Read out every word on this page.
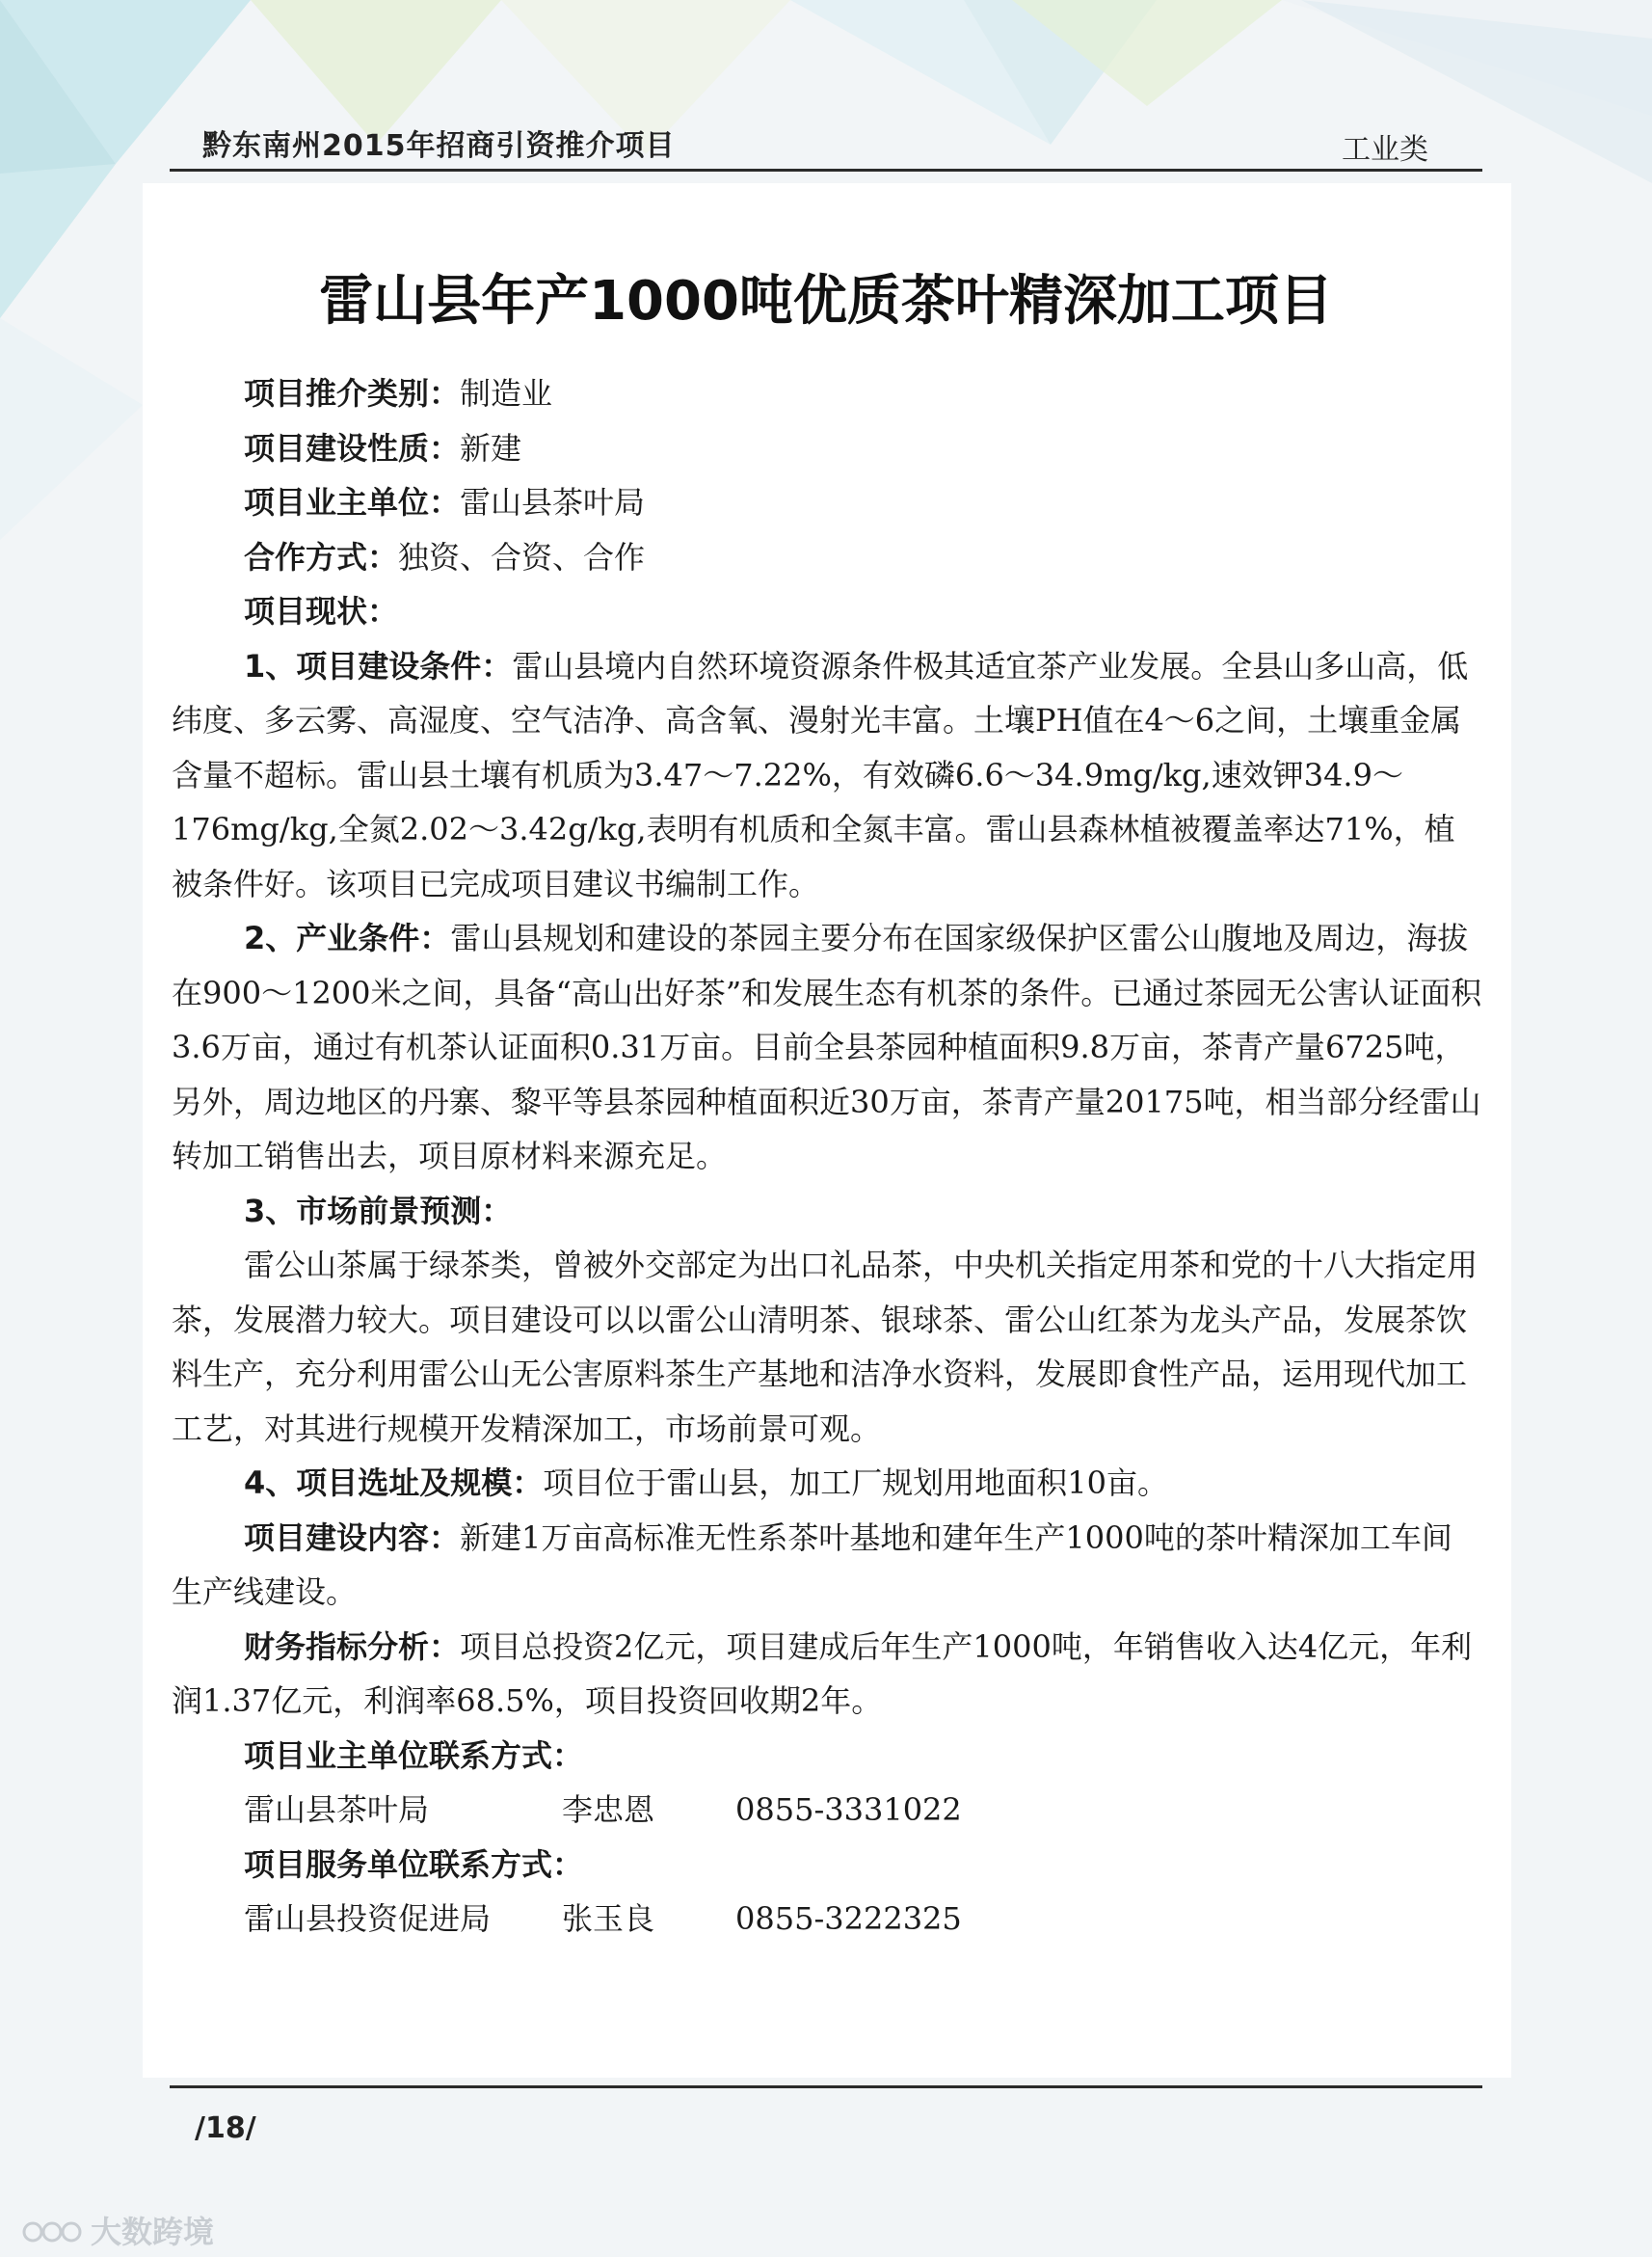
黔东南州2015年招商引资推介项目	工业类
雷山县年产1000吨优质茶叶精深加工项目

项目推介类别：制造业

项目建设性质：新建

项目业主单位：雷山县茶叶局

合作方式：独资、合资、合作

项目现状：

1、项目建设条件：雷山县境内自然环境资源条件极其适宜茶产业发展。全县山多山高，低纬度、多云雾、高湿度、空气洁净、高含氧、漫射光丰富。土壤PH值在4～6之间，土壤重金属含量不超标。雷山县土壤有机质为3.47～7.22%，有效磷6.6～34.9mg/kg,速效钾34.9～176mg/kg,全氮2.02～3.42g/kg,表明有机质和全氮丰富。雷山县森林植被覆盖率达71%，植被条件好。该项目已完成项目建议书编制工作。

2、产业条件：雷山县规划和建设的茶园主要分布在国家级保护区雷公山腹地及周边，海拔在900～1200米之间，具备“高山出好茶”和发展生态有机茶的条件。已通过茶园无公害认证面积3.6万亩，通过有机茶认证面积0.31万亩。目前全县茶园种植面积9.8万亩，茶青产量6725吨，另外，周边地区的丹寨、黎平等县茶园种植面积近30万亩，茶青产量20175吨，相当部分经雷山转加工销售出去，项目原材料来源充足。

3、市场前景预测：

雷公山茶属于绿茶类，曾被外交部定为出口礼品茶，中央机关指定用茶和党的十八大指定用茶，发展潜力较大。项目建设可以以雷公山清明茶、银球茶、雷公山红茶为龙头产品，发展茶饮料生产，充分利用雷公山无公害原料茶生产基地和洁净水资料，发展即食性产品，运用现代加工工艺，对其进行规模开发精深加工，市场前景可观。

4、项目选址及规模：项目位于雷山县，加工厂规划用地面积10亩。

项目建设内容：新建1万亩高标准无性系茶叶基地和建年生产1000吨的茶叶精深加工车间生产线建设。

财务指标分析：项目总投资2亿元，项目建成后年生产1000吨，年销售收入达4亿元，年利润1.37亿元，利润率68.5%，项目投资回收期2年。

项目业主单位联系方式：

雷山县茶叶局	李忠恩	0855-3331022

项目服务单位联系方式：

雷山县投资促进局 张玉良	0855-3222325

/18/
大数跨境
